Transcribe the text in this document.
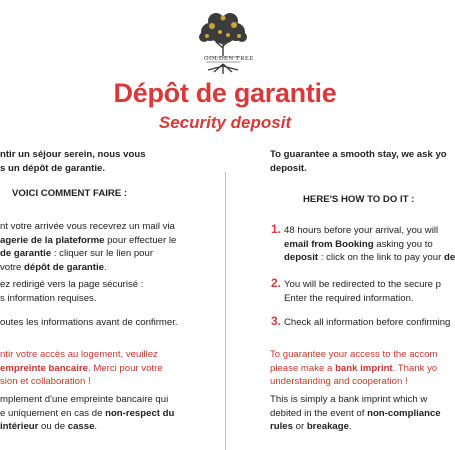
GOLDEN TREE
Dépôt de garantie
Security deposit
ntir un séjour serein, nous vous
s un dépôt de garantie.
VOICI COMMENT FAIRE :
nt votre arrivée vous recevrez un mail via
agerie de la plateforme pour effectuer le
de garantie : cliquer sur le lien pour
votre dépôt de garantie.
ez redirigé vers la page sécurisé :
s information requises.
outes les informations avant de confirmer.
ntir votre accès au logement, veuillez
empreinte bancaire. Merci pour votre
sion et collaboration !
mplement d'une empreinte bancaire qui
e uniquement en cas de non-respect du
intérieur ou de casse.
To guarantee a smooth stay, we ask yo
deposit.
HERE'S HOW TO DO IT :
1. 48 hours before your arrival, you will
email from Booking asking you to
deposit : click on the link to pay your de
2. You will be redirected to the secure p
Enter the required information.
3. Check all information before confirming
To guarantee your access to the accom
please make a bank imprint. Thank yo
understanding and cooperation !
This is simply a bank imprint which w
debited in the event of non-compliance
rules or breakage.
